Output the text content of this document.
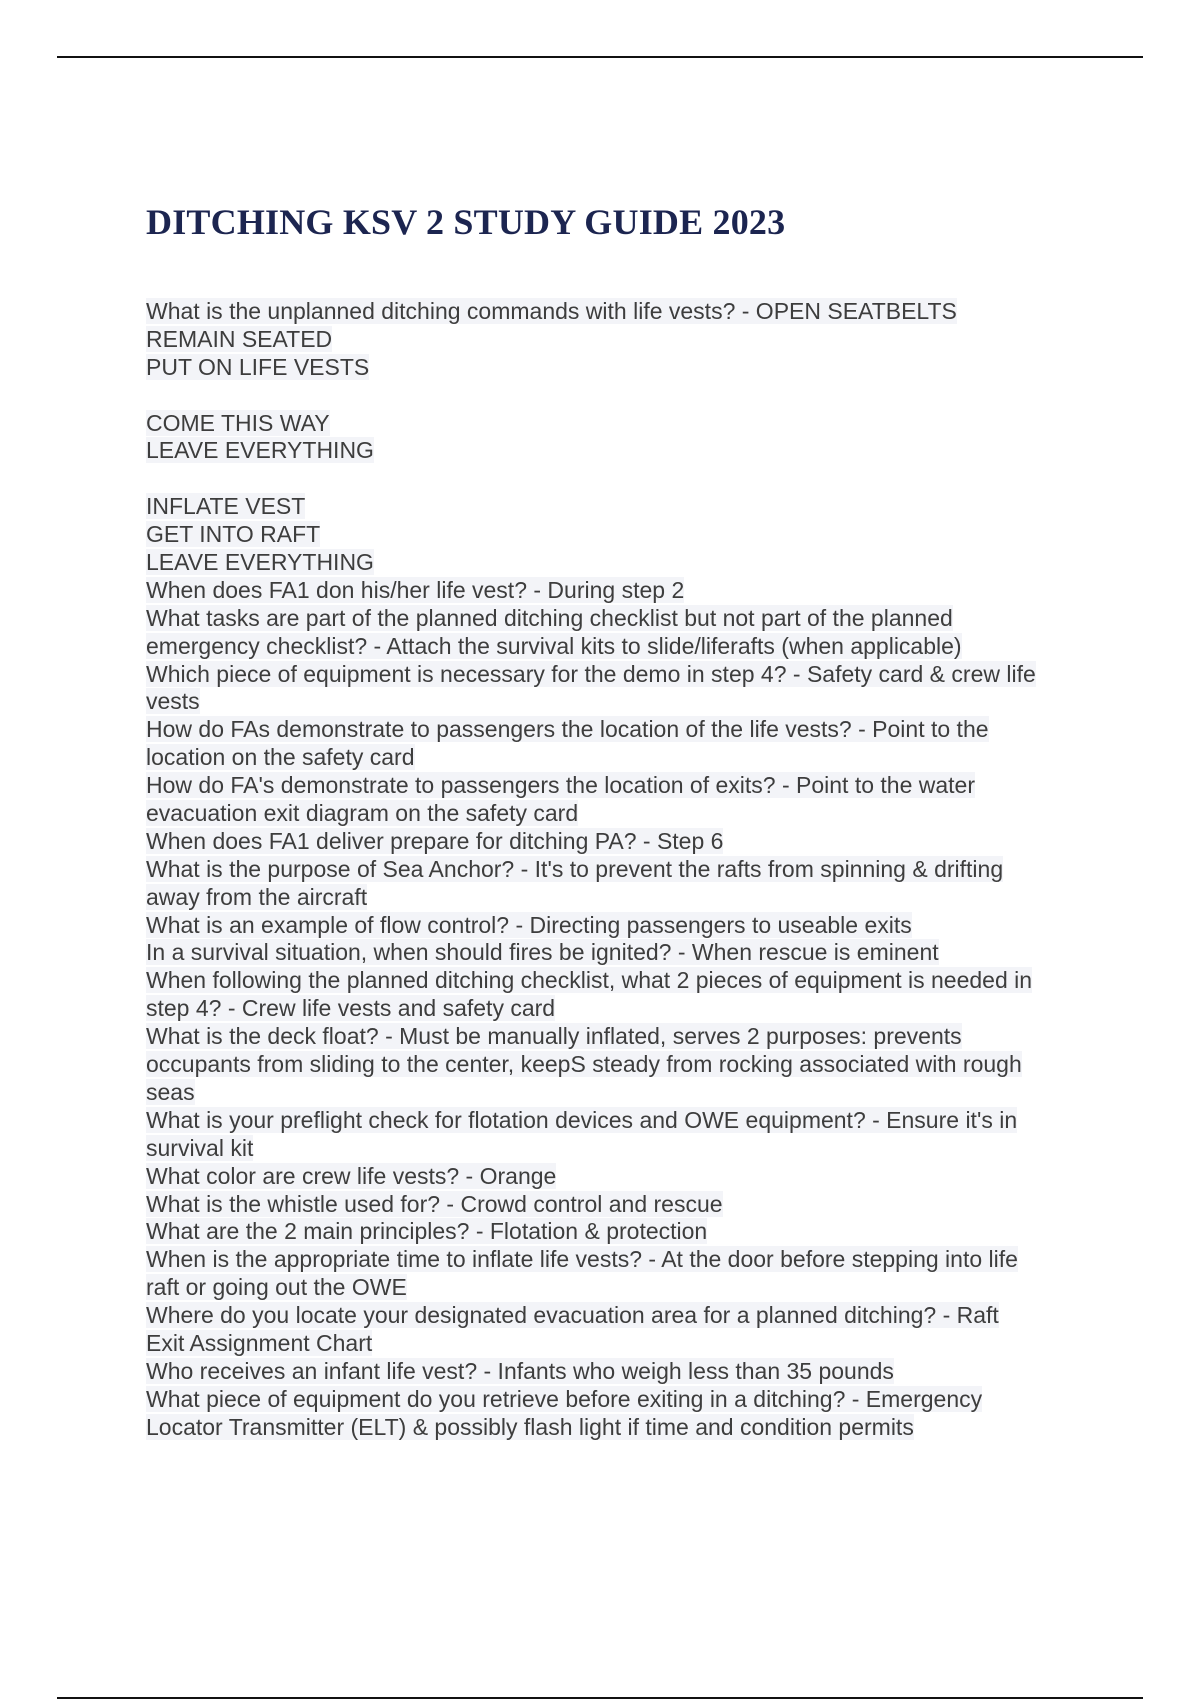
DITCHING KSV 2 STUDY GUIDE 2023
What is the unplanned ditching commands with life vests? - OPEN SEATBELTS
REMAIN SEATED
PUT ON LIFE VESTS
COME THIS WAY
LEAVE EVERYTHING
INFLATE VEST
GET INTO RAFT
LEAVE EVERYTHING
When does FA1 don his/her life vest? - During step 2
What tasks are part of the planned ditching checklist but not part of the planned
emergency checklist? - Attach the survival kits to slide/liferafts (when applicable)
Which piece of equipment is necessary for the demo in step 4? - Safety card & crew life
vests
How do FAs demonstrate to passengers the location of the life vests? - Point to the
location on the safety card
How do FA's demonstrate to passengers the location of exits? - Point to the water
evacuation exit diagram on the safety card
When does FA1 deliver prepare for ditching PA? - Step 6
What is the purpose of Sea Anchor? - It's to prevent the rafts from spinning & drifting
away from the aircraft
What is an example of flow control? - Directing passengers to useable exits
In a survival situation, when should fires be ignited? - When rescue is eminent
When following the planned ditching checklist, what 2 pieces of equipment is needed in
step 4? - Crew life vests and safety card
What is the deck float? - Must be manually inflated, serves 2 purposes: prevents
occupants from sliding to the center, keepS steady from rocking associated with rough
seas
What is your preflight check for flotation devices and OWE equipment? - Ensure it's in
survival kit
What color are crew life vests? - Orange
What is the whistle used for? - Crowd control and rescue
What are the 2 main principles? - Flotation & protection
When is the appropriate time to inflate life vests? - At the door before stepping into life
raft or going out the OWE
Where do you locate your designated evacuation area for a planned ditching? - Raft
Exit Assignment Chart
Who receives an infant life vest? - Infants who weigh less than 35 pounds
What piece of equipment do you retrieve before exiting in a ditching? - Emergency
Locator Transmitter (ELT) & possibly flash light if time and condition permits
